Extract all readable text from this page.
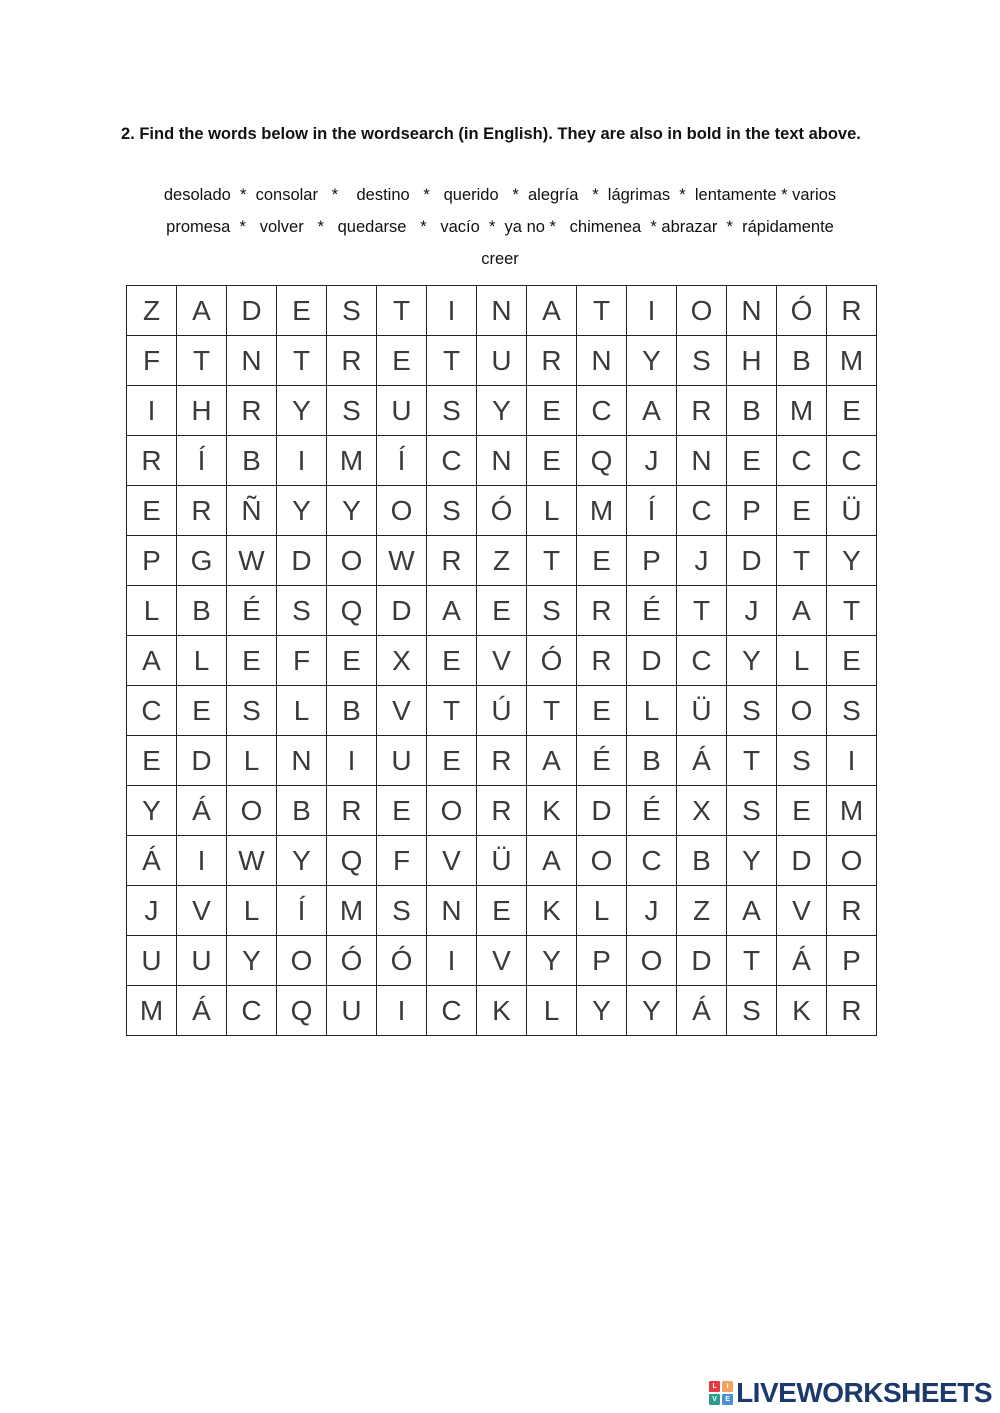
2. Find the words below in the wordsearch (in English). They are also in bold in the text above.

desolado  *  consolar   *    destino   *   querido   *  alegría   *  lágrimas  *  lentamente * varios
promesa  *   volver   *   quedarse   *   vacío  *  ya no *   chimenea  * abrazar  *  rápidamente
creer
Z	A	D	E	S	T	I	N	A	T	I	O	N	Ó	R
F	T	N	T	R	E	T	U	R	N	Y	S	H	B	M
I	H	R	Y	S	U	S	Y	E	C	A	R	B	M	E
R	Í	B	I	M	Í	C	N	E	Q	J	N	E	C	C
E	R	Ñ	Y	Y	O	S	Ó	L	M	Í	C	P	E	Ü
P	G	W	D	O	W	R	Z	T	E	P	J	D	T	Y
L	B	É	S	Q	D	A	E	S	R	É	T	J	A	T
A	L	E	F	E	X	E	V	Ó	R	D	C	Y	L	E
C	E	S	L	B	V	T	Ú	T	E	L	Ü	S	O	S
E	D	L	N	I	U	E	R	A	É	B	Á	T	S	I
Y	Á	O	B	R	E	O	R	K	D	É	X	S	E	M
Á	I	W	Y	Q	F	V	Ü	A	O	C	B	Y	D	O
J	V	L	Í	M	S	N	E	K	L	J	Z	A	V	R
U	U	Y	O	Ó	Ó	I	V	Y	P	O	D	T	Á	P
M	Á	C	Q	U	I	C	K	L	Y	Y	Á	S	K	R
L	I
V	E LIVEWORKSHEETS
